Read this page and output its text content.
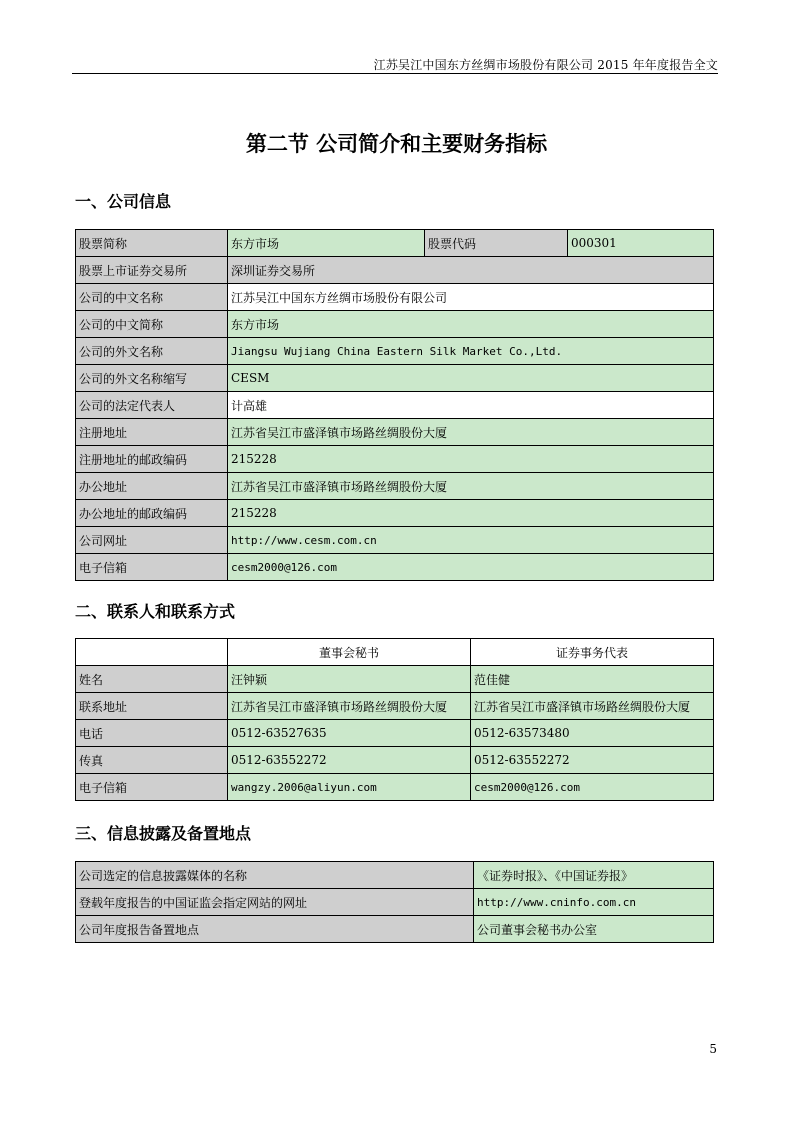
江苏吴江中国东方丝绸市场股份有限公司 2015 年年度报告全文
第二节 公司简介和主要财务指标
一、公司信息
股票简称	东方市场	股票代码	000301
股票上市证券交易所	深圳证券交易所		
公司的中文名称	江苏吴江中国东方丝绸市场股份有限公司		
公司的中文简称	东方市场		
公司的外文名称	Jiangsu Wujiang China Eastern Silk Market Co.,Ltd.		
公司的外文名称缩写	CESM		
公司的法定代表人	计高雄		
注册地址	江苏省吴江市盛泽镇市场路丝绸股份大厦		
注册地址的邮政编码	215228		
办公地址	江苏省吴江市盛泽镇市场路丝绸股份大厦		
办公地址的邮政编码	215228		
公司网址	http://www.cesm.com.cn		
电子信箱	cesm2000@126.com		
二、联系人和联系方式
	董事会秘书	证券事务代表
姓名	汪钟颖	范佳健
联系地址	江苏省吴江市盛泽镇市场路丝绸股份大厦	江苏省吴江市盛泽镇市场路丝绸股份大厦
电话	0512-63527635	0512-63573480
传真	0512-63552272	0512-63552272
电子信箱	wangzy.2006@aliyun.com	cesm2000@126.com
三、信息披露及备置地点
公司选定的信息披露媒体的名称	《证券时报》、《中国证券报》
登载年度报告的中国证监会指定网站的网址	http://www.cninfo.com.cn
公司年度报告备置地点	公司董事会秘书办公室
5
